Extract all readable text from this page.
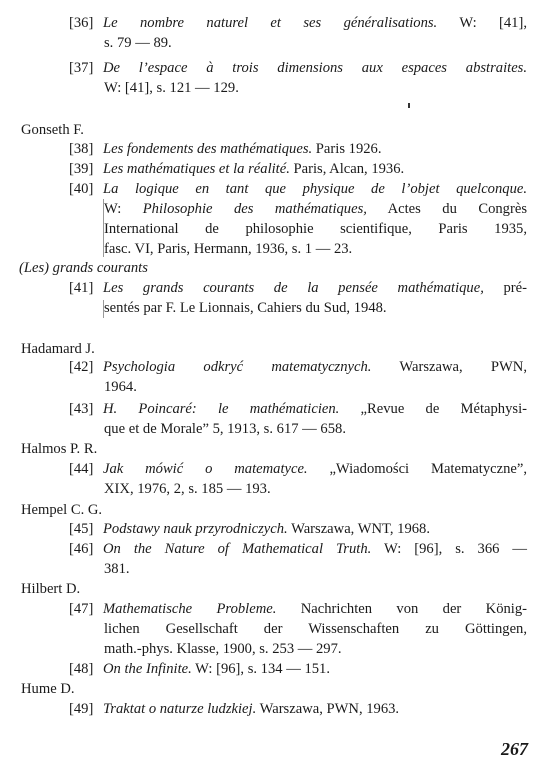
[36] Le nombre naturel et ses généralisations. W: [41],
s. 79 — 89.
[37] De l’espace à trois dimensions aux espaces abstraites.
W: [41], s. 121 — 129.
Gonseth F.
[38] Les fondements des mathématiques. Paris 1926.
[39] Les mathématiques et la réalité. Paris, Alcan, 1936.
[40] La logique en tant que physique de l’objet quelconque.
W: Philosophie des mathématiques, Actes du Congrès
International de philosophie scientifique, Paris 1935,
fasc. VI, Paris, Hermann, 1936, s. 1 — 23.
(Les) grands courants
[41] Les grands courants de la pensée mathématique, pré-
sentés par F. Le Lionnais, Cahiers du Sud, 1948.
Hadamard J.
[42] Psychologia odkryć matematycznych. Warszawa, PWN,
1964.
[43] H. Poincaré: le mathématicien. „Revue de Métaphysi-
que et de Morale” 5, 1913, s. 617 — 658.
Halmos P. R.
[44] Jak mówić o matematyce. „Wiadomości Matematyczne”,
XIX, 1976, 2, s. 185 — 193.
Hempel C. G.
[45] Podstawy nauk przyrodniczych. Warszawa, WNT, 1968.
[46] On the Nature of Mathematical Truth. W: [96], s. 366 —
381.
Hilbert D.
[47] Mathematische Probleme. Nachrichten von der König-
lichen Gesellschaft der Wissenschaften zu Göttingen,
math.-phys. Klasse, 1900, s. 253 — 297.
[48] On the Infinite. W: [96], s. 134 — 151.
Hume D.
[49] Traktat o naturze ludzkiej. Warszawa, PWN, 1963.
267
